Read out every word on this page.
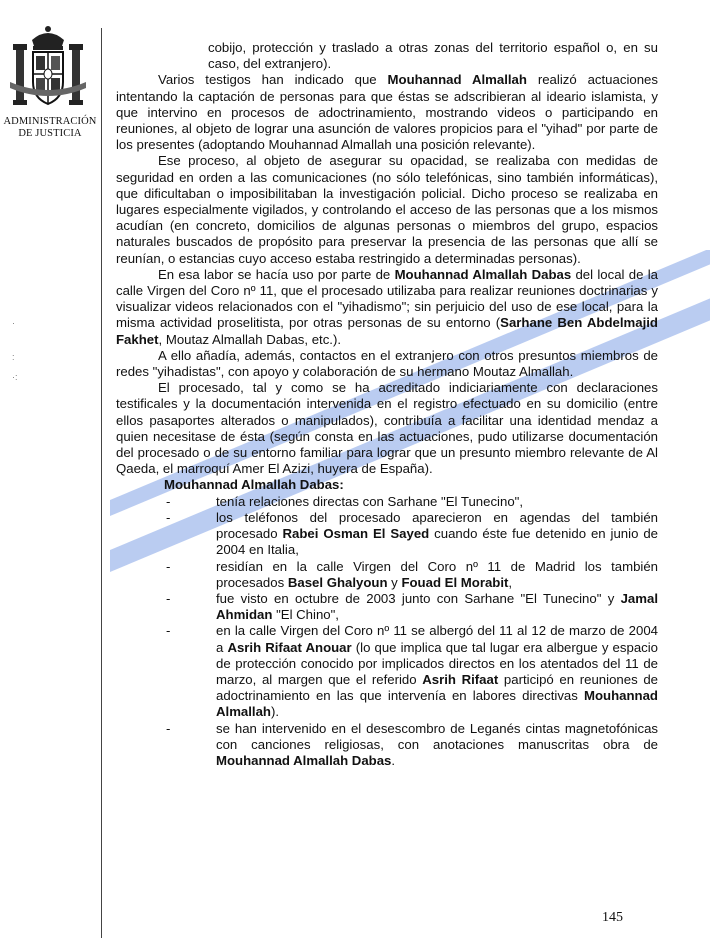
ADMINISTRACIÓN
DE JUSTICIA
·
:
·:

cobijo, protección y traslado a otras zonas del territorio español o, en su caso, del extranjero).

Varios testigos han indicado que Mouhannad Almallah realizó actuaciones intentando la captación de personas para que éstas se adscribieran al ideario islamista, y que intervino en procesos de adoctrinamiento, mostrando videos o participando en reuniones, al objeto de lograr una asunción de valores propicios para el "yihad" por parte de los presentes (adoptando Mouhannad Almallah una posición relevante).

Ese proceso, al objeto de asegurar su opacidad, se realizaba con medidas de seguridad en orden a las comunicaciones (no sólo telefónicas, sino también informáticas), que dificultaban o imposibilitaban la investigación policial. Dicho proceso se realizaba en lugares especialmente vigilados, y controlando el acceso de las personas que a los mismos acudían (en concreto, domicilios de algunas personas o miembros del grupo, espacios naturales buscados de propósito para preservar la presencia de las personas que allí se reunían, o estancias cuyo acceso estaba restringido a determinadas personas).

En esa labor se hacía uso por parte de Mouhannad Almallah Dabas del local de la calle Virgen del Coro nº 11, que el procesado utilizaba para realizar reuniones doctrinarias y visualizar videos relacionados con el "yihadismo"; sin perjuicio del uso de ese local, para la misma actividad proselitista, por otras personas de su entorno (Sarhane Ben Abdelmajid Fakhet, Moutaz Almallah Dabas, etc.).

A ello añadía, además, contactos en el extranjero con otros presuntos miembros de redes "yihadistas", con apoyo y colaboración de su hermano Moutaz Almallah.

El procesado, tal y como se ha acreditado indiciariamente con declaraciones testificales y la documentación intervenida en el registro efectuado en su domicilio (entre ellos pasaportes alterados o manipulados), contribuía a facilitar una identidad mendaz a quien necesitase de ésta (según consta en las actuaciones, pudo utilizarse documentación del procesado o de su entorno familiar para lograr que un presunto miembro relevante de Al Qaeda, el marroquí Amer El Azizi, huyera de España).

Mouhannad Almallah Dabas:

-	tenía relaciones directas con Sarhane "El Tunecino",
-	los teléfonos del procesado aparecieron en agendas del también procesado Rabei Osman El Sayed cuando éste fue detenido en junio de 2004 en Italia,
-	residían en la calle Virgen del Coro nº 11 de Madrid los también procesados Basel Ghalyoun y Fouad El Morabit,
-	fue visto en octubre de 2003 junto con Sarhane "El Tunecino" y Jamal Ahmidan "El Chino",
-	en la calle Virgen del Coro nº 11 se albergó del 11 al 12 de marzo de 2004 a Asrih Rifaat Anouar (lo que implica que tal lugar era albergue y espacio de protección conocido por implicados directos en los atentados del 11 de marzo, al margen que el referido Asrih Rifaat participó en reuniones de adoctrinamiento en las que intervenía en labores directivas Mouhannad Almallah).
-	se han intervenido en el desescombro de Leganés cintas magnetofónicas con canciones religiosas, con anotaciones manuscritas obra de Mouhannad Almallah Dabas.
145
